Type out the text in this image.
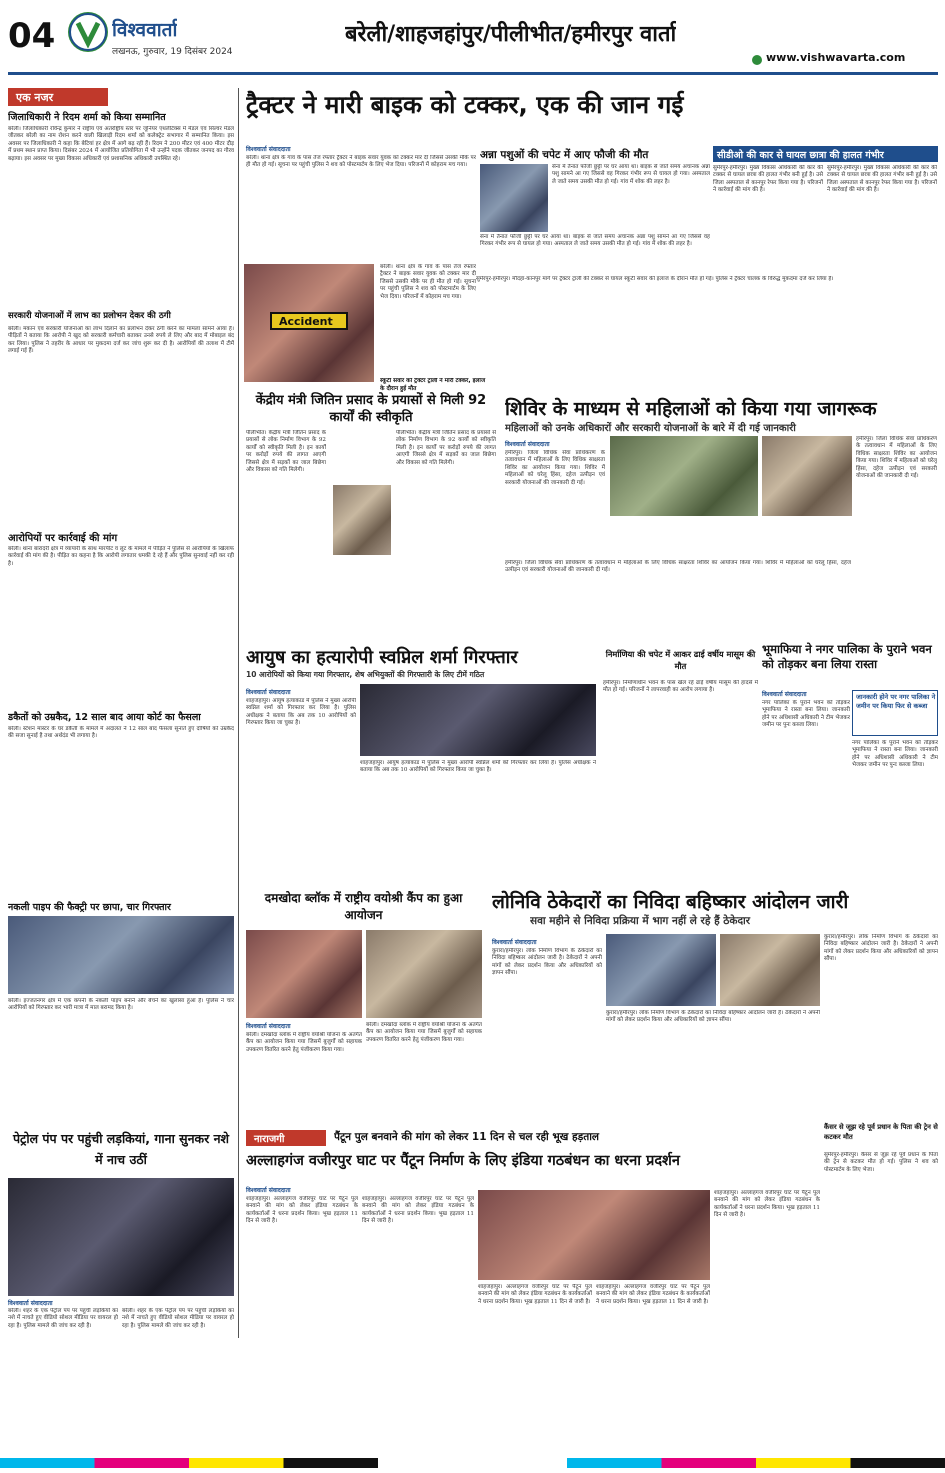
04	विश्ववार्ता
लखनऊ, गुरुवार, 19 दिसंबर 2024
बरेली/शाहजहांपुर/पीलीभीत/हमीरपुर वार्ता
www.vishwavarta.com
एक नजर
जिलाधिकारी ने रिदम शर्मा को किया सम्मानित
बरेली। जिलाधिकारी रविन्द्र कुमार ने राष्ट्रीय एवं अंतर्राष्ट्रीय स्तर पर जूनियर एथलेटिक्स में मेडल एवं सिल्वर मेडल जीतकर बरेली का नाम रोशन करने वाली खिलाड़ी रिदम शर्मा को कलेक्ट्रेट सभागार में सम्मानित किया। इस अवसर पर जिलाधिकारी ने कहा कि बेटियां हर क्षेत्र में आगे बढ़ रही हैं। रिदम ने 200 मीटर एवं 400 मीटर दौड़ में प्रथम स्थान प्राप्त किया। दिसंबर 2024 में आयोजित प्रतियोगिता में भी उन्होंने पदक जीतकर जनपद का गौरव बढ़ाया। इस अवसर पर मुख्य विकास अधिकारी एवं प्रशासनिक अधिकारी उपस्थित रहे।
सरकारी योजनाओं में लाभ का प्रलोभन देकर की ठगी
बरेली। मकान एवं सरकारी योजनाओं का लाभ दिलाने का प्रलोभन देकर ठगी करने का मामला सामने आया है। पीड़ितों ने बताया कि आरोपी ने खुद को सरकारी कर्मचारी बताकर उनसे रुपये ले लिए और बाद में मोबाइल बंद कर लिया। पुलिस ने तहरीर के आधार पर मुकदमा दर्ज कर जांच शुरू कर दी है। आरोपियों की तलाश में टीमें लगाई गई हैं।
आरोपियों पर कार्रवाई की मांग
बरेली। थाना बारादरी क्षेत्र में व्यापारी के साथ मारपीट व लूट के मामले में पीड़ित ने पुलिस से आरोपियों के खिलाफ कार्रवाई की मांग की है। पीड़ित का कहना है कि आरोपी लगातार धमकी दे रहे हैं और पुलिस सुनवाई नहीं कर रही है।
डकैतों को उम्रकैद, 12 साल बाद आया कोर्ट का फैसला
बरेली। स्टेशन मास्टर के घर डकैती के मामले में अदालत ने 12 साल बाद फैसला सुनाते हुए दोषियों को उम्रकैद की सजा सुनाई है तथा अर्थदंड भी लगाया है।
नकली पाइप की फैक्ट्री पर छापा, चार गिरफ्तार
बरेली। इज्जतनगर क्षेत्र में एक कंपनी के नकली पाइप बनाने और बेचने का खुलासा हुआ है। पुलिस ने चार आरोपियों को गिरफ्तार कर भारी मात्रा में माल बरामद किया है।
ट्रैक्टर ने मारी बाइक को टक्कर, एक की जान गई
विश्ववार्ता संवाददाता
बरेली। थाना क्षेत्र के गांव के पास तेज रफ्तार ट्रैक्टर ने बाइक सवार युवक को टक्कर मार दी जिससे उसकी मौके पर ही मौत हो गई। सूचना पर पहुंची पुलिस ने शव को पोस्टमार्टम के लिए भेज दिया। परिजनों में कोहराम मच गया।
Accident
बरेली। थाना क्षेत्र के गांव के पास तेज रफ्तार ट्रैक्टर ने बाइक सवार युवक को टक्कर मार दी जिससे उसकी मौके पर ही मौत हो गई। सूचना पर पहुंची पुलिस ने शव को पोस्टमार्टम के लिए भेज दिया। परिजनों में कोहराम मच गया।
स्कूटी सवार को ट्रैक्टर ट्राली ने मारी टक्कर, इलाज के दौरान हुई मौत
अन्ना पशुओं की चपेट में आए फौजी की मौत
सेना में तैनात फौजी छुट्टी पर घर आया था। बाइक से जाते समय अचानक अन्ना पशु सामने आ गए जिससे वह गिरकर गंभीर रूप से घायल हो गया। अस्पताल ले जाते समय उसकी मौत हो गई। गांव में शोक की लहर है।
सेना में तैनात फौजी छुट्टी पर घर आया था। बाइक से जाते समय अचानक अन्ना पशु सामने आ गए जिससे वह गिरकर गंभीर रूप से घायल हो गया। अस्पताल ले जाते समय उसकी मौत हो गई। गांव में शोक की लहर है।
सीडीओ की कार से घायल छात्रा की हालत गंभीर
सुमेरपुर-हमीरपुर। मुख्य विकास अधिकारी की कार की टक्कर से घायल छात्रा की हालत गंभीर बनी हुई है। उसे जिला अस्पताल से कानपुर रेफर किया गया है। परिजनों ने कार्रवाई की मांग की है।
सुमेरपुर-हमीरपुर। मुख्य विकास अधिकारी की कार की टक्कर से घायल छात्रा की हालत गंभीर बनी हुई है। उसे जिला अस्पताल से कानपुर रेफर किया गया है। परिजनों ने कार्रवाई की मांग की है।
सुमेरपुर-हमीरपुर। मौदहा-कानपुर मार्ग पर ट्रैक्टर ट्राली की टक्कर से घायल स्कूटी सवार की इलाज के दौरान मौत हो गई। पुलिस ने ट्रैक्टर चालक के विरुद्ध मुकदमा दर्ज कर लिया है।
केंद्रीय मंत्री जितिन प्रसाद के प्रयासों से मिली 92 कार्यों की स्वीकृति
पीलीभीत। केंद्रीय मंत्री जितिन प्रसाद के प्रयासों से लोक निर्माण विभाग के 92 कार्यों को स्वीकृति मिली है। इन कार्यों पर करोड़ों रुपये की लागत आएगी जिससे क्षेत्र में सड़कों का जाल बिछेगा और विकास को गति मिलेगी।
पीलीभीत। केंद्रीय मंत्री जितिन प्रसाद के प्रयासों से लोक निर्माण विभाग के 92 कार्यों को स्वीकृति मिली है। इन कार्यों पर करोड़ों रुपये की लागत आएगी जिससे क्षेत्र में सड़कों का जाल बिछेगा और विकास को गति मिलेगी।
शिविर के माध्यम से महिलाओं को किया गया जागरूक
महिलाओं को उनके अधिकारों और सरकारी योजनाओं के बारे में दी गई जानकारी
विश्ववार्ता संवाददाता
हमीरपुर। जिला विधिक सेवा प्राधिकरण के तत्वावधान में महिलाओं के लिए विधिक साक्षरता शिविर का आयोजन किया गया। शिविर में महिलाओं को घरेलू हिंसा, दहेज उत्पीड़न एवं सरकारी योजनाओं की जानकारी दी गई।
हमीरपुर। जिला विधिक सेवा प्राधिकरण के तत्वावधान में महिलाओं के लिए विधिक साक्षरता शिविर का आयोजन किया गया। शिविर में महिलाओं को घरेलू हिंसा, दहेज उत्पीड़न एवं सरकारी योजनाओं की जानकारी दी गई।
हमीरपुर। जिला विधिक सेवा प्राधिकरण के तत्वावधान में महिलाओं के लिए विधिक साक्षरता शिविर का आयोजन किया गया। शिविर में महिलाओं को घरेलू हिंसा, दहेज उत्पीड़न एवं सरकारी योजनाओं की जानकारी दी गई।
आयुष का हत्यारोपी स्वप्निल शर्मा गिरफ्तार
10 आरोपियों को किया गया गिरफ्तार, शेष अभियुक्तों की गिरफ्तारी के लिए टीमें गठित
विश्ववार्ता संवाददाता
शाहजहांपुर। आयुष हत्याकांड में पुलिस ने मुख्य आरोपी स्वप्निल शर्मा को गिरफ्तार कर लिया है। पुलिस अधीक्षक ने बताया कि अब तक 10 आरोपियों को गिरफ्तार किया जा चुका है।
शाहजहांपुर। आयुष हत्याकांड में पुलिस ने मुख्य आरोपी स्वप्निल शर्मा को गिरफ्तार कर लिया है। पुलिस अधीक्षक ने बताया कि अब तक 10 आरोपियों को गिरफ्तार किया जा चुका है।
निर्माणिया की चपेट में आकर ढाई वर्षीय मासूम की मौत
हमीरपुर। निर्माणाधीन भवन के पास खेल रहे ढाई वर्षीय मासूम की हादसे में मौत हो गई। परिजनों ने लापरवाही का आरोप लगाया है।
भूमाफिया ने नगर पालिका के पुराने भवन को तोड़कर बना लिया रास्ता
विश्ववार्ता संवाददाता
नगर पालिका के पुराने भवन को तोड़कर भूमाफिया ने रास्ता बना लिया। जानकारी होने पर अधिशासी अधिकारी ने टीम भेजकर जमीन पर पुनः कब्जा लिया।
जानकारी होने पर नगर पालिका ने जमीन पर किया फिर से कब्जा
नगर पालिका के पुराने भवन को तोड़कर भूमाफिया ने रास्ता बना लिया। जानकारी होने पर अधिशासी अधिकारी ने टीम भेजकर जमीन पर पुनः कब्जा लिया।
दमखोदा ब्लॉक में राष्ट्रीय वयोश्री कैंप का हुआ आयोजन
विश्ववार्ता संवाददाता
बरेली। दमखोदा ब्लॉक में राष्ट्रीय वयोश्री योजना के अंतर्गत कैंप का आयोजन किया गया जिसमें बुजुर्गों को सहायक उपकरण वितरित करने हेतु पंजीकरण किया गया।
बरेली। दमखोदा ब्लॉक में राष्ट्रीय वयोश्री योजना के अंतर्गत कैंप का आयोजन किया गया जिसमें बुजुर्गों को सहायक उपकरण वितरित करने हेतु पंजीकरण किया गया।
लोनिवि ठेकेदारों का निविदा बहिष्कार आंदोलन जारी
सवा महीने से निविदा प्रक्रिया में भाग नहीं ले रहे हैं ठेकेदार
विश्ववार्ता संवाददाता
कुरारा/हमीरपुर। लोक निर्माण विभाग के ठेकेदारों का निविदा बहिष्कार आंदोलन जारी है। ठेकेदारों ने अपनी मांगों को लेकर प्रदर्शन किया और अधिकारियों को ज्ञापन सौंपा।
कुरारा/हमीरपुर। लोक निर्माण विभाग के ठेकेदारों का निविदा बहिष्कार आंदोलन जारी है। ठेकेदारों ने अपनी मांगों को लेकर प्रदर्शन किया और अधिकारियों को ज्ञापन सौंपा।
कुरारा/हमीरपुर। लोक निर्माण विभाग के ठेकेदारों का निविदा बहिष्कार आंदोलन जारी है। ठेकेदारों ने अपनी मांगों को लेकर प्रदर्शन किया और अधिकारियों को ज्ञापन सौंपा।
कैंसर से जूझ रहे पूर्व प्रधान के पिता की ट्रेन से कटकर मौत
सुमेरपुर-हमीरपुर। कैंसर से जूझ रहे पूर्व प्रधान के पिता की ट्रेन से कटकर मौत हो गई। पुलिस ने शव को पोस्टमार्टम के लिए भेजा।
पेट्रोल पंप पर पहुंची लड़कियां, गाना सुनकर नशे में नाच उठीं
विश्ववार्ता संवाददाता
बरेली। शहर के एक पेट्रोल पंप पर पहुंची लड़कियों का नशे में नाचते हुए वीडियो सोशल मीडिया पर वायरल हो रहा है। पुलिस मामले की जांच कर रही है।
बरेली। शहर के एक पेट्रोल पंप पर पहुंची लड़कियों का नशे में नाचते हुए वीडियो सोशल मीडिया पर वायरल हो रहा है। पुलिस मामले की जांच कर रही है।
नाराजगी	पैंटून पुल बनवाने की मांग को लेकर 11 दिन से चल रही भूख हड़ताल
अल्लाहगंज वजीरपुर घाट पर पैंटून निर्माण के लिए इंडिया गठबंधन का धरना प्रदर्शन
विश्ववार्ता संवाददाता
शाहजहांपुर। अल्लाहगंज वजीरपुर घाट पर पैंटून पुल बनवाने की मांग को लेकर इंडिया गठबंधन के कार्यकर्ताओं ने धरना प्रदर्शन किया। भूख हड़ताल 11 दिन से जारी है।
शाहजहांपुर। अल्लाहगंज वजीरपुर घाट पर पैंटून पुल बनवाने की मांग को लेकर इंडिया गठबंधन के कार्यकर्ताओं ने धरना प्रदर्शन किया। भूख हड़ताल 11 दिन से जारी है।
शाहजहांपुर। अल्लाहगंज वजीरपुर घाट पर पैंटून पुल बनवाने की मांग को लेकर इंडिया गठबंधन के कार्यकर्ताओं ने धरना प्रदर्शन किया। भूख हड़ताल 11 दिन से जारी है।
शाहजहांपुर। अल्लाहगंज वजीरपुर घाट पर पैंटून पुल बनवाने की मांग को लेकर इंडिया गठबंधन के कार्यकर्ताओं ने धरना प्रदर्शन किया। भूख हड़ताल 11 दिन से जारी है।
शाहजहांपुर। अल्लाहगंज वजीरपुर घाट पर पैंटून पुल बनवाने की मांग को लेकर इंडिया गठबंधन के कार्यकर्ताओं ने धरना प्रदर्शन किया। भूख हड़ताल 11 दिन से जारी है।
